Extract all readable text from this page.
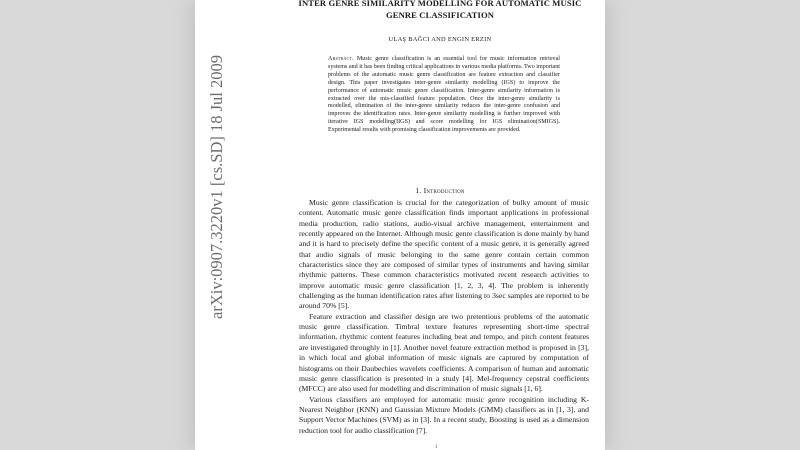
INTER GENRE SIMILARITY MODELLING FOR AUTOMATIC MUSIC GENRE CLASSIFICATION
ULAŞ BAĞCI AND ENGIN ERZIN
Abstract. Music genre classification is an essential tool for music information retrieval systems and it has been finding critical applications in various media platforms. Two important problems of the automatic music genre classification are feature extraction and classifier design. This paper investigates inter-genre similarity modelling (IGS) to improve the performance of automatic music genre classification. Inter-genre similarity information is extracted over the mis-classified feature population. Once the inter-genre similarity is modelled, elimination of the inter-genre similarity reduces the inter-genre confusion and improves the identification rates. Inter-genre similarity modelling is further improved with iterative IGS modelling(IIGS) and score modelling for IGS elimination(SMIGS). Experimental results with promising classification improvements are provided.
arXiv:0907.3220v1 [cs.SD] 18 Jul 2009	1. Introduction

Music genre classification is crucial for the categorization of bulky amount of music content. Automatic music genre classification finds important applications in professional media production, radio stations, audio-visual archive management, entertainment and recently appeared on the Internet. Although music genre classification is done mainly by hand and it is hard to precisely define the specific content of a music genre, it is generally agreed that audio signals of music belonging to the same genre contain certain common characteristics since they are composed of similar types of instruments and having similar rhythmic patterns. These common characteristics motivated recent research activities to improve automatic music genre classification [1, 2, 3, 4]. The problem is inherently challenging as the human identification rates after listening to 3sec samples are reported to be around 70% [5].

Feature extraction and classifier design are two pretentious problems of the automatic music genre classification. Timbral texture features representing short-time spectral information, rhythmic content features including beat and tempo, and pitch content features are investigated throughly in [1]. Another novel feature extraction method is proposed in [3], in which local and global information of music signals are captured by computation of histograms on their Daubechies wavelets coefficients. A comparison of human and automatic music genre classification is presented in a study [4]. Mel-frequency cepstral coefficients (MFCC) are also used for modelling and discrimination of music signals [1, 6].

Various classifiers are employed for automatic music genre recognition including K-Nearest Neighbor (KNN) and Gaussian Mixture Models (GMM) classifiers as in [1, 3], and Support Vector Machines (SVM) as in [3]. In a recent study, Boosting is used as a dimension reduction tool for audio classification [7].

1
